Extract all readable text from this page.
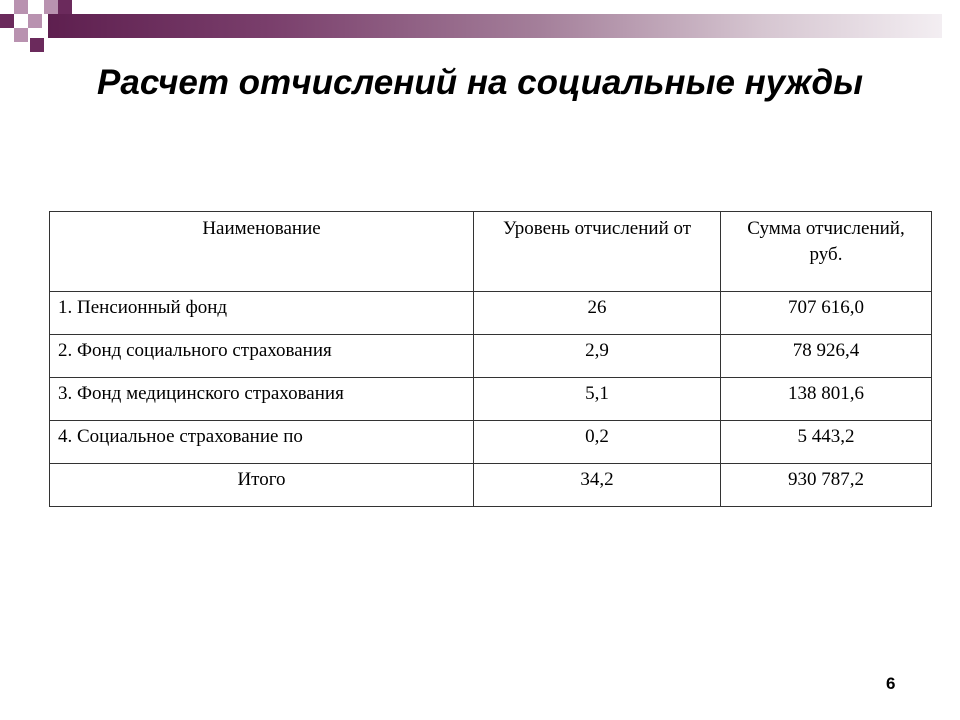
Расчет отчислений на социальные нужды
Наименование	Уровень отчислений от	Сумма отчислений, руб.
1. Пенсионный фонд	26	707 616,0
2. Фонд социального страхования	2,9	78 926,4
3. Фонд медицинского страхования	5,1	138 801,6
4. Социальное страхование по	0,2	5 443,2
Итого	34,2	930 787,2
6
